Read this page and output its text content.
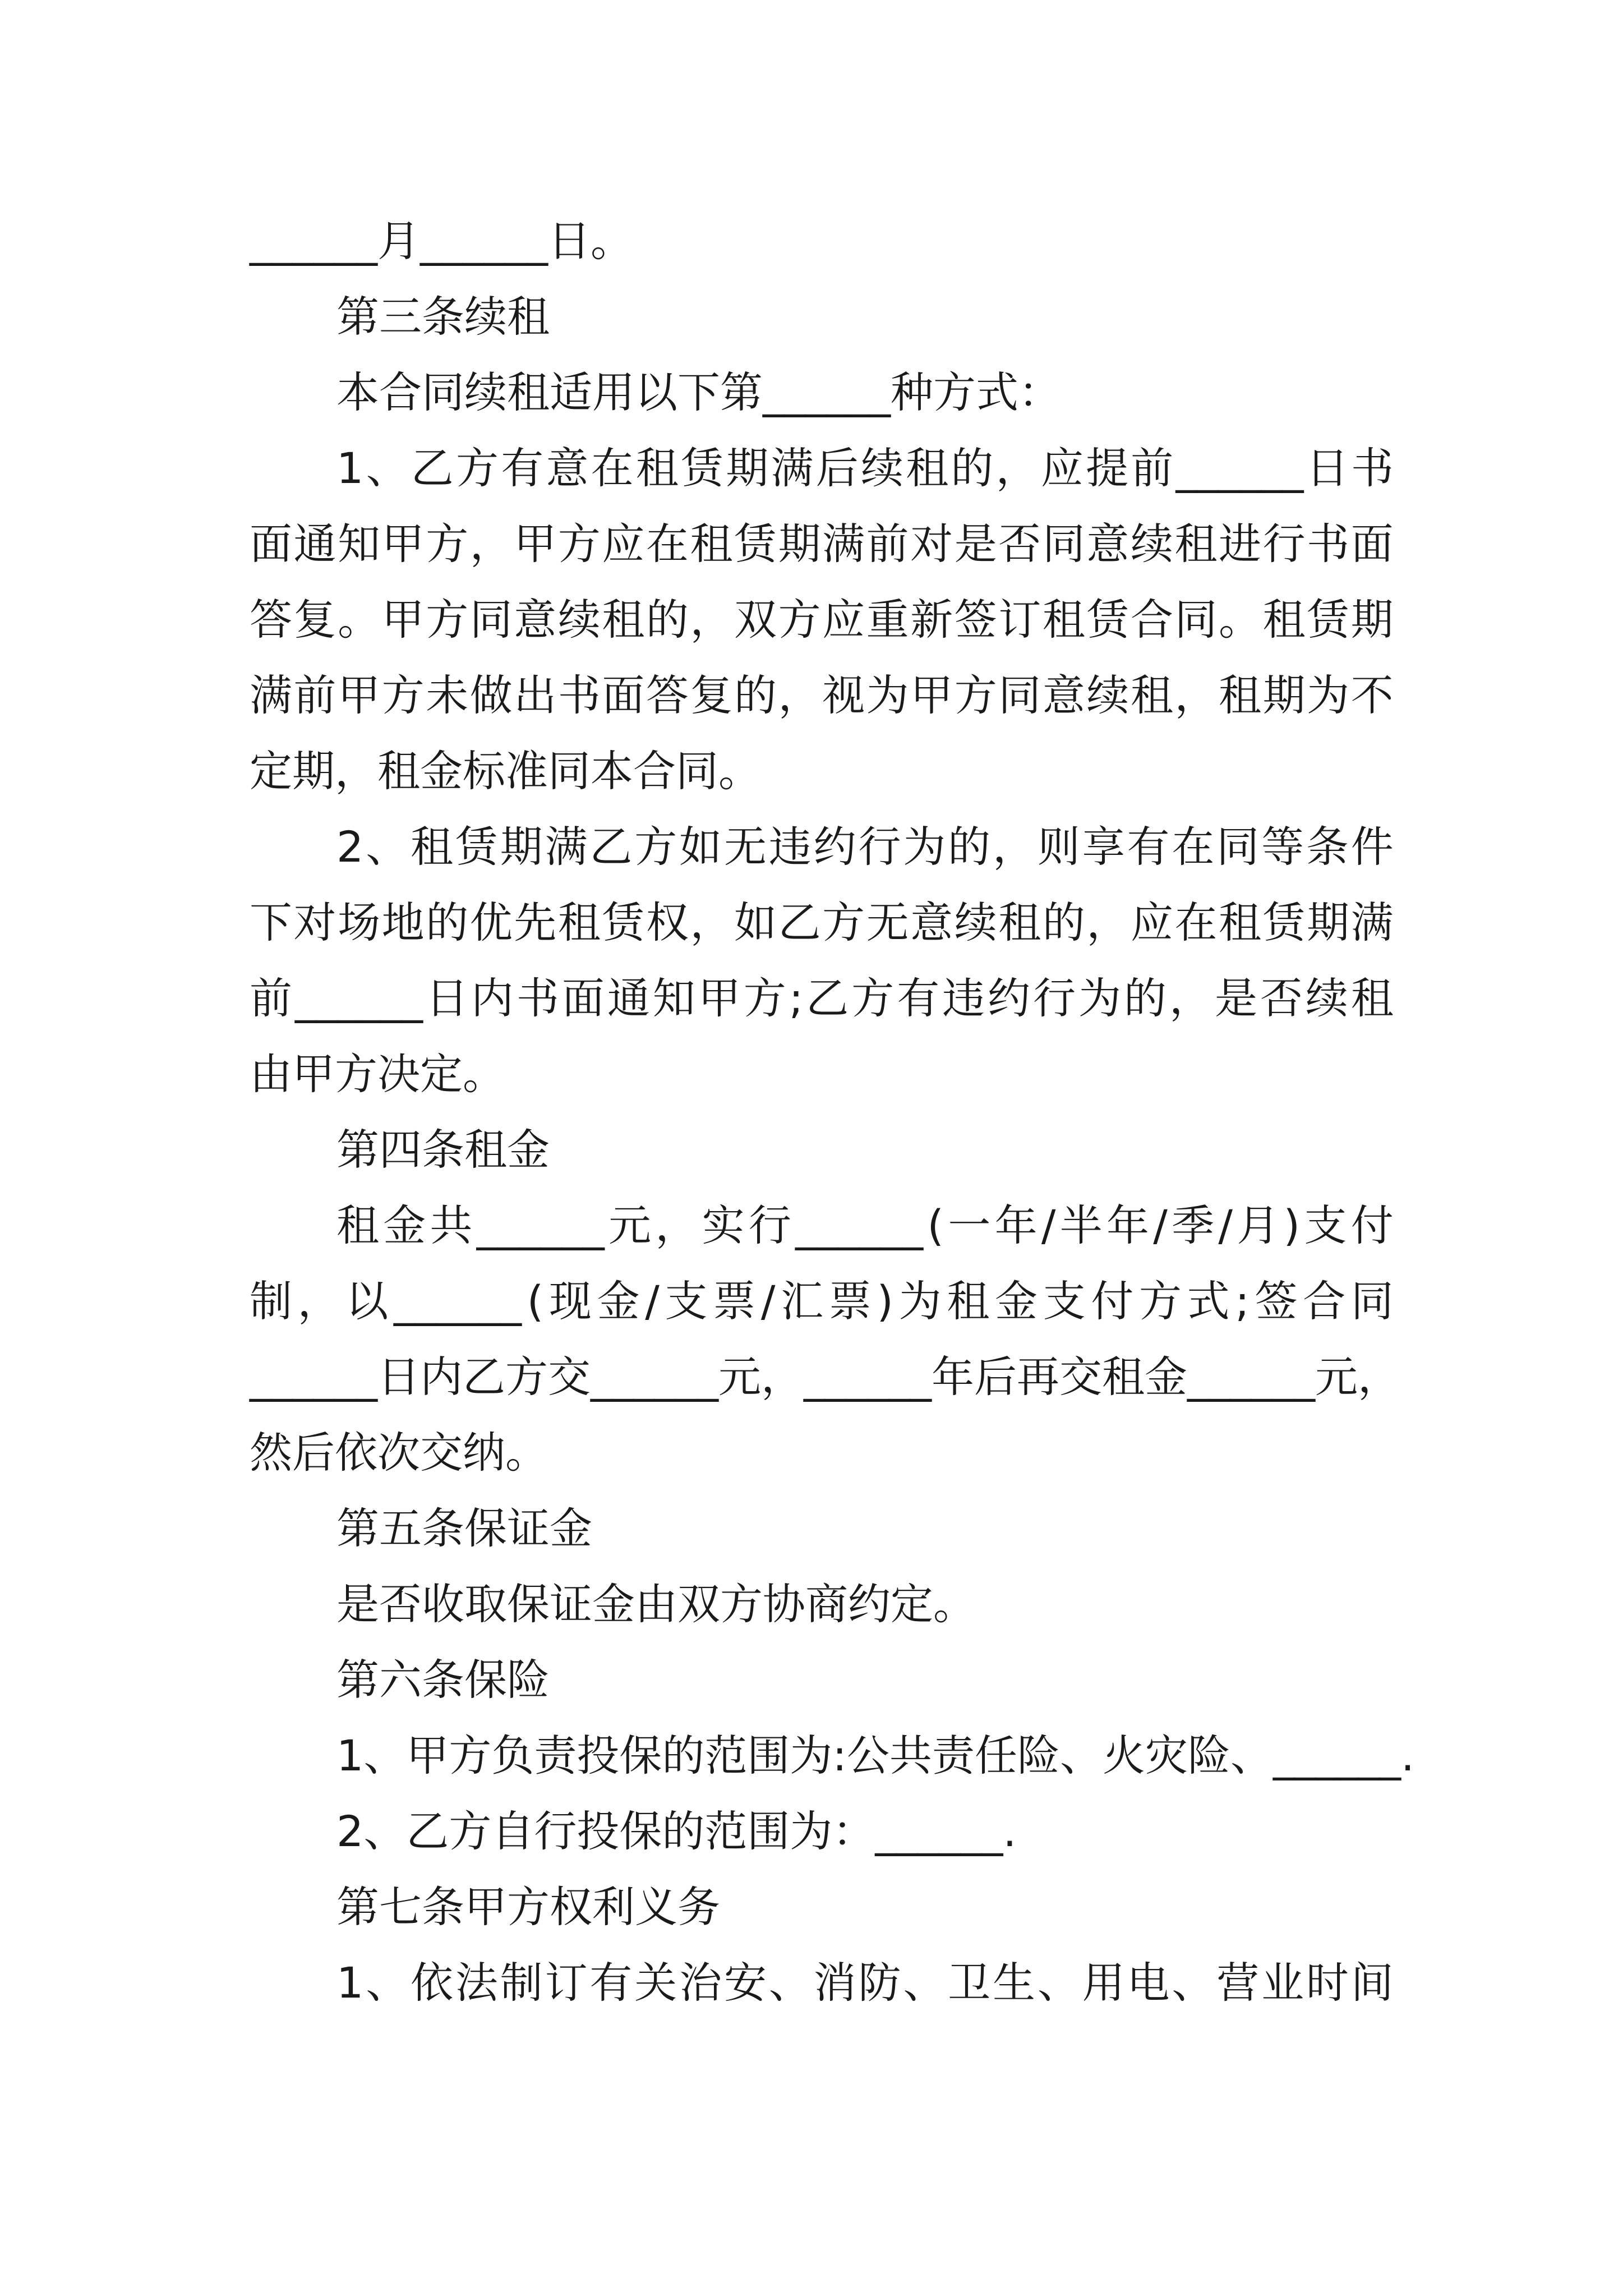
______月______日。
第三条续租
本合同续租适用以下第______种方式：
1 、 乙 方 有 意 在 租 赁 期 满 后 续 租 的 ， 应 提 前 ______ 日 书
面 通 知 甲 方 ， 甲 方 应 在 租 赁 期 满 前 对 是 否 同 意 续 租 进 行 书 面
答 复 。 甲 方 同 意 续 租 的 ， 双 方 应 重 新 签 订 租 赁 合 同 。 租 赁 期
满 前 甲 方 未 做 出 书 面 答 复 的 ， 视 为 甲 方 同 意 续 租 ， 租 期 为 不
定期，租金标准同本合同。
2 、 租 赁 期 满 乙 方 如 无 违 约 行 为 的 ， 则 享 有 在 同 等 条 件
下 对 场 地 的 优 先 租 赁 权 ， 如 乙 方 无 意 续 租 的 ， 应 在 租 赁 期 满
前 ______ 日 内 书 面 通 知 甲 方 ; 乙 方 有 违 约 行 为 的 ， 是 否 续 租
由甲方决定。
第四条租金
租 金 共 ______ 元 ， 实 行 ______ ( 一 年 / 半 年 / 季 / 月 ) 支 付
制 ， 以 ______ ( 现 金 / 支 票 / 汇 票 ) 为 租 金 支 付 方 式 ; 签 合 同
______ 日 内 乙 方 交 ______ 元 ， ______ 年 后 再 交 租 金 ______ 元 ，
然后依次交纳。
第五条保证金
是否收取保证金由双方协商约定。
第六条保险
1 、 甲 方 负 责 投 保 的 范 围 为 : 公 共 责 任 险 、 火 灾 险 、 ______ .
2、乙方自行投保的范围为：______.
第七条甲方权利义务
1 、 依 法 制 订 有 关 治 安 、 消 防 、 卫 生 、 用 电 、 营 业 时 间
